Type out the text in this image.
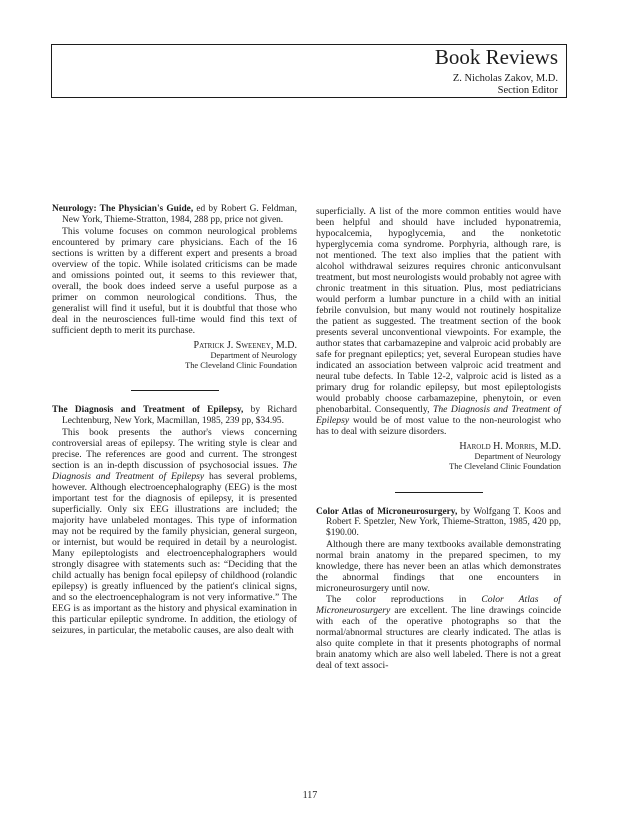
Book Reviews
Z. Nicholas Zakov, M.D.
Section Editor

Neurology: The Physician's Guide, ed by Robert G. Feldman, New York, Thieme-Stratton, 1984, 288 pp, price not given.

This volume focuses on common neurological problems encountered by primary care physicians. Each of the 16 sections is written by a different expert and presents a broad overview of the topic. While isolated criticisms can be made and omissions pointed out, it seems to this reviewer that, overall, the book does indeed serve a useful purpose as a primer on common neurological conditions. Thus, the generalist will find it useful, but it is doubtful that those who deal in the neurosciences full-time would find this text of sufficient depth to merit its purchase.

Patrick J. Sweeney, M.D.
Department of Neurology
The Cleveland Clinic Foundation

The Diagnosis and Treatment of Epilepsy, by Richard Lechtenburg, New York, Macmillan, 1985, 239 pp, $34.95.

This book presents the author's views concerning controversial areas of epilepsy. The writing style is clear and precise. The references are good and current. The strongest section is an in-depth discussion of psychosocial issues. The Diagnosis and Treatment of Epilepsy has several problems, however. Although electroencephalography (EEG) is the most important test for the diagnosis of epilepsy, it is presented superficially. Only six EEG illustrations are included; the majority have unlabeled montages. This type of information may not be required by the family physician, general surgeon, or internist, but would be required in detail by a neurologist. Many epileptologists and electroencephalographers would strongly disagree with statements such as: “Deciding that the child actually has benign focal epilepsy of childhood (rolandic epilepsy) is greatly influenced by the patient's clinical signs, and so the electroencephalogram is not very informative.” The EEG is as important as the history and physical examination in this particular epileptic syndrome. In addition, the etiology of seizures, in particular, the metabolic causes, are also dealt with

superficially. A list of the more common entities would have been helpful and should have included hyponatremia, hypocalcemia, hypoglycemia, and the nonketotic hyperglycemia coma syndrome. Porphyria, although rare, is not mentioned. The text also implies that the patient with alcohol withdrawal seizures requires chronic anticonvulsant treatment, but most neurologists would probably not agree with chronic treatment in this situation. Plus, most pediatricians would perform a lumbar puncture in a child with an initial febrile convulsion, but many would not routinely hospitalize the patient as suggested. The treatment section of the book presents several unconventional viewpoints. For example, the author states that carbamazepine and valproic acid probably are safe for pregnant epileptics; yet, several European studies have indicated an association between valproic acid treatment and neural tube defects. In Table 12-2, valproic acid is listed as a primary drug for rolandic epilepsy, but most epileptologists would probably choose carbamazepine, phenytoin, or even phenobarbital. Consequently, The Diagnosis and Treatment of Epilepsy would be of most value to the non-neurologist who has to deal with seizure disorders.

Harold H. Morris, M.D.
Department of Neurology
The Cleveland Clinic Foundation

Color Atlas of Microneurosurgery, by Wolfgang T. Koos and Robert F. Spetzler, New York, Thieme-Stratton, 1985, 420 pp, $190.00.

Although there are many textbooks available demonstrating normal brain anatomy in the prepared specimen, to my knowledge, there has never been an atlas which demonstrates the abnormal findings that one encounters in microneurosurgery until now.

The color reproductions in Color Atlas of Microneurosurgery are excellent. The line drawings coincide with each of the operative photographs so that the normal/abnormal structures are clearly indicated. The atlas is also quite complete in that it presents photographs of normal brain anatomy which are also well labeled. There is not a great deal of text associ-

117
